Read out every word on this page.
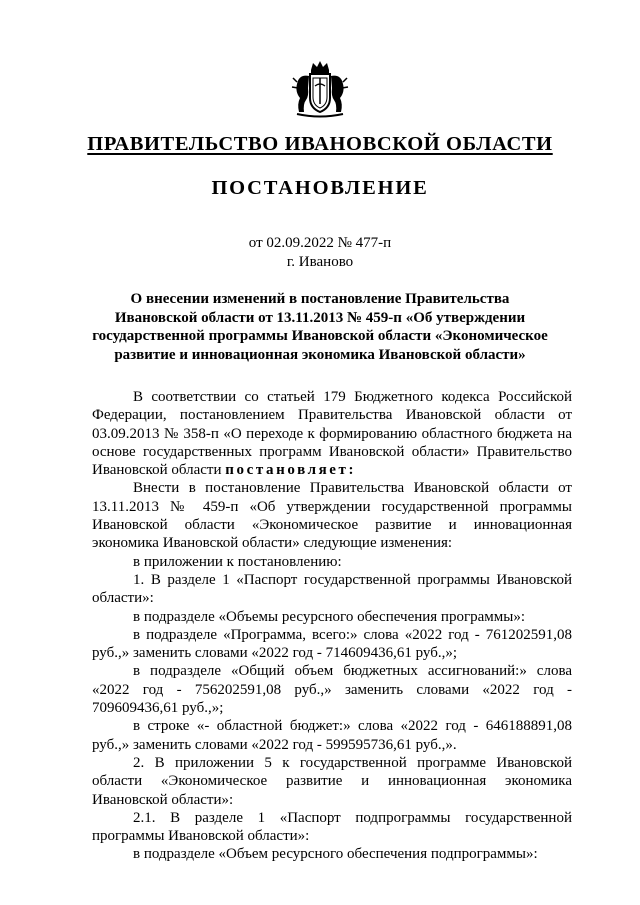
ПРАВИТЕЛЬСТВО ИВАНОВСКОЙ ОБЛАСТИ
ПОСТАНОВЛЕНИЕ
от 02.09.2022 № 477-п
г. Иваново
О внесении изменений в постановление Правительства Ивановской области от 13.11.2013 № 459-п «Об утверждении государственной программы Ивановской области «Экономическое развитие и инновационная экономика Ивановской области»

В соответствии со статьей 179 Бюджетного кодекса Российской Федерации, постановлением Правительства Ивановской области от 03.09.2013 № 358-п «О переходе к формированию областного бюджета на основе государственных программ Ивановской области» Правительство Ивановской области постановляет:

Внести в постановление Правительства Ивановской области от 13.11.2013 № 459-п «Об утверждении государственной программы Ивановской области «Экономическое развитие и инновационная экономика Ивановской области» следующие изменения:

в приложении к постановлению:

1. В разделе 1 «Паспорт государственной программы Ивановской области»:

в подразделе «Объемы ресурсного обеспечения программы»:

в подразделе «Программа, всего:» слова «2022 год - 761202591,08 руб.,» заменить словами «2022 год - 714609436,61 руб.,»;

в подразделе «Общий объем бюджетных ассигнований:» слова «2022 год - 756202591,08 руб.,» заменить словами «2022 год - 709609436,61 руб.,»;

в строке «- областной бюджет:» слова «2022 год - 646188891,08 руб.,» заменить словами «2022 год - 599595736,61 руб.,».

2. В приложении 5 к государственной программе Ивановской области «Экономическое развитие и инновационная экономика Ивановской области»:

2.1. В разделе 1 «Паспорт подпрограммы государственной программы Ивановской области»:

в подразделе «Объем ресурсного обеспечения подпрограммы»:
